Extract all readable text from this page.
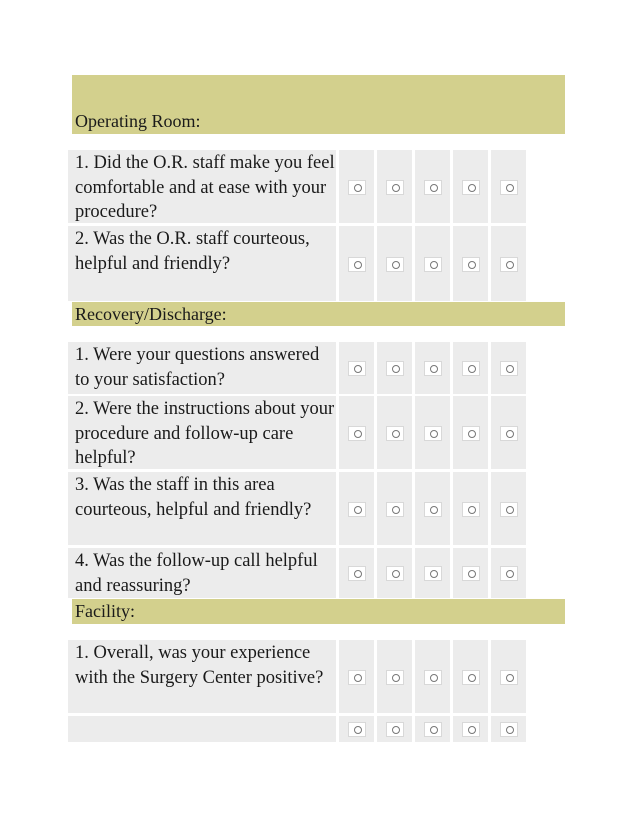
Operating Room:
1. Did the O.R. staff make you feel comfortable and at ease with your procedure?
2. Was the O.R. staff courteous, helpful and friendly?
Recovery/Discharge:
1. Were your questions answered to your satisfaction?
2. Were the instructions about your procedure and follow-up care helpful?
3. Was the staff in this area courteous, helpful and friendly?
4. Was the follow-up call helpful and reassuring?
Facility:
1. Overall, was your experience with the Surgery Center positive?
